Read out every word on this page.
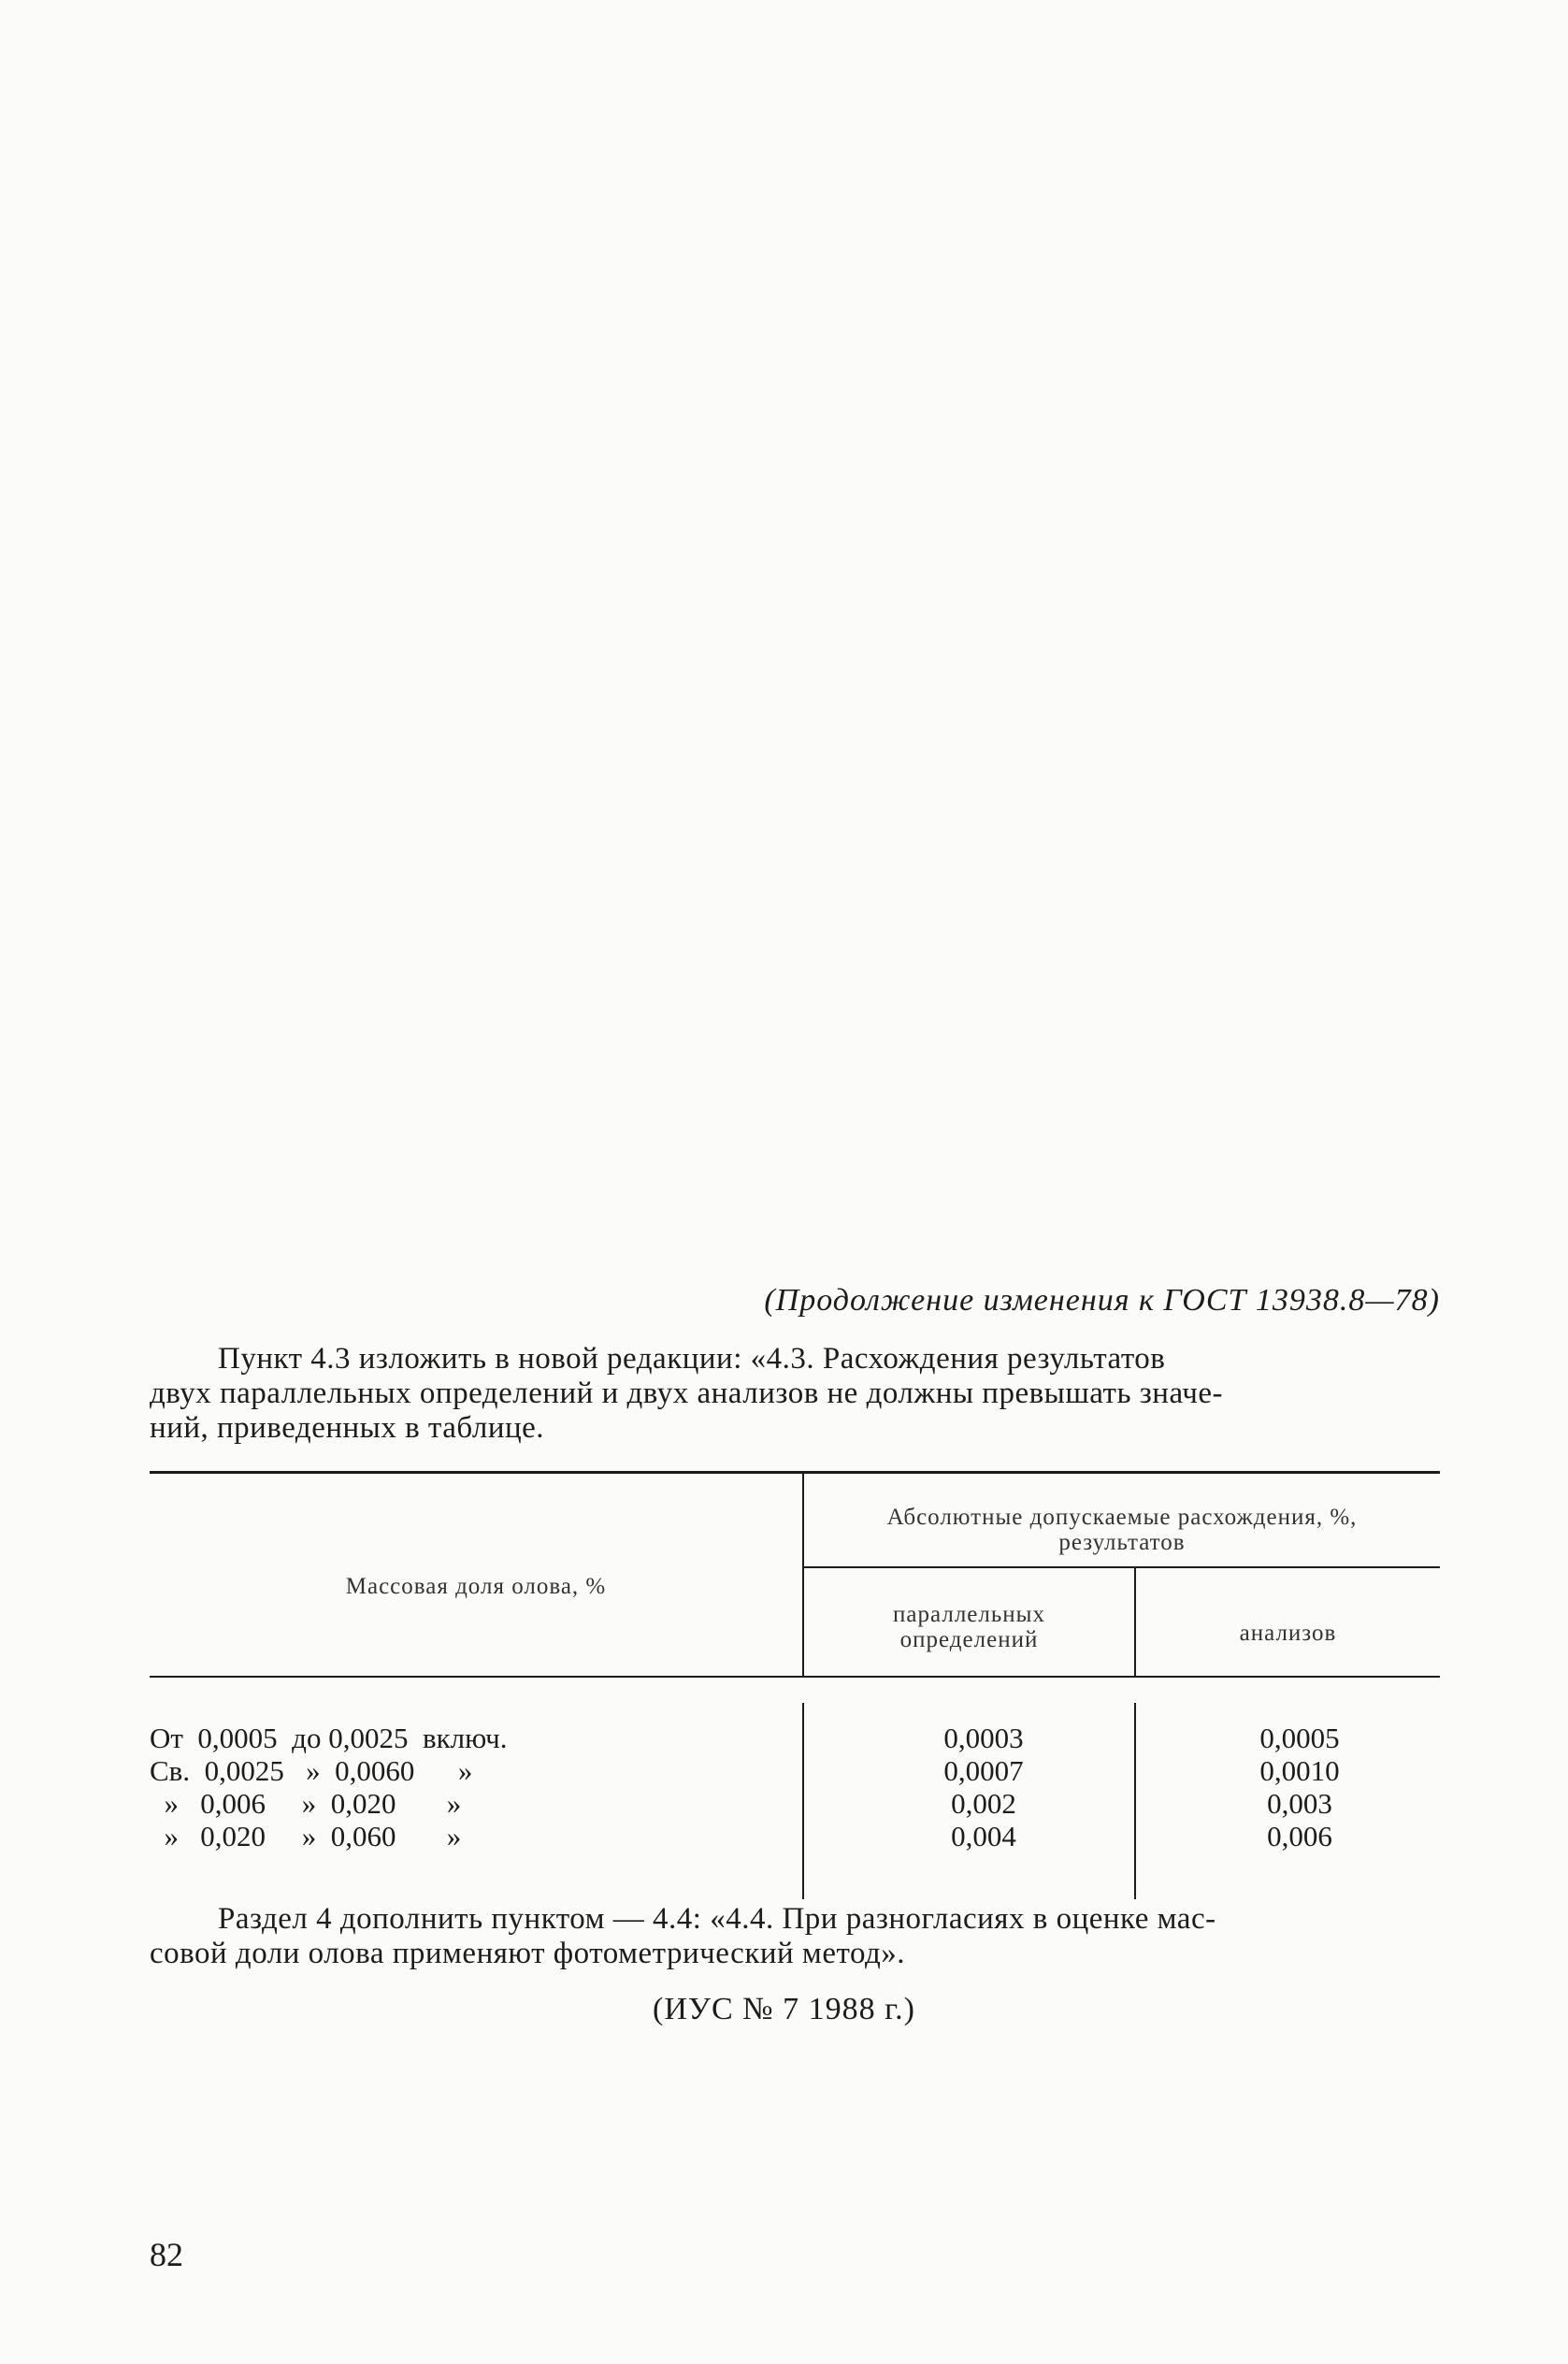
(Продолжение изменения к ГОСТ 13938.8—78)
Пункт 4.3 изложить в новой редакции: «4.3. Расхождения результатов
двух параллельных определений и двух анализов не должны превышать значе-
ний, приведенных в таблице.
Массовая доля олова, %
Абсолютные допускаемые расхождения, %,
результатов
параллельных
определений	анализов
От  0,0005  до 0,0025  включ.
Св.  0,0025   »  0,0060      »
»   0,006     »  0,020       »
»   0,020     »  0,060       »
0,0003
0,0007
0,002
0,004
0,0005
0,0010
0,003
0,006
Раздел 4 дополнить пунктом — 4.4: «4.4. При разногласиях в оценке мас-
совой доли олова применяют фотометрический метод».
(ИУС № 7 1988 г.)
82
